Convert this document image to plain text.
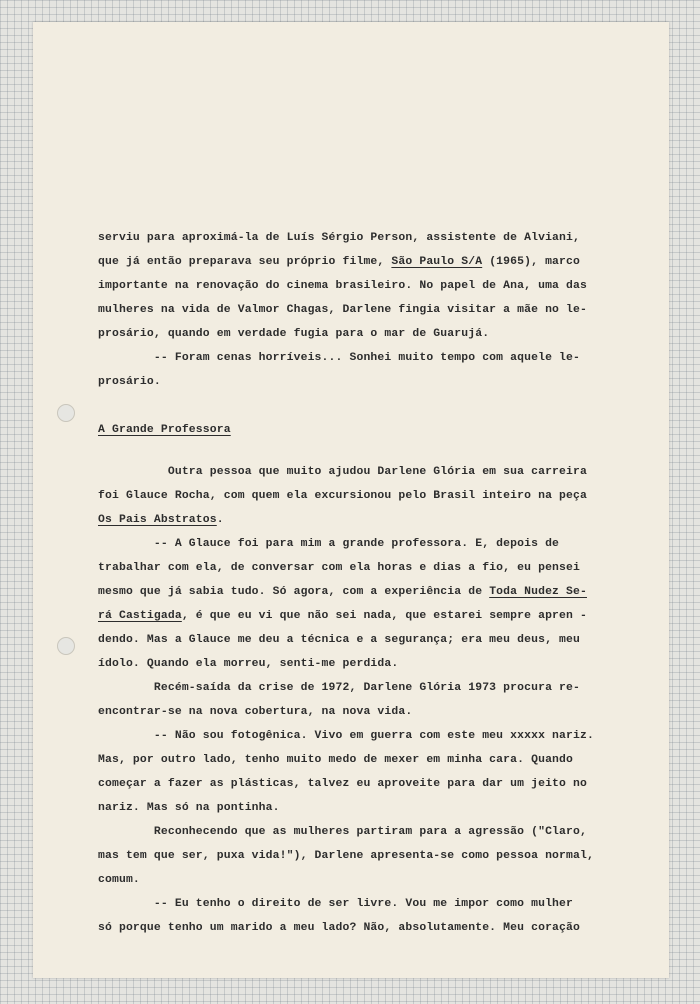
serviu para aproximá-la de Luís Sérgio Person, assistente de Alviani,
que já então preparava seu próprio filme, São Paulo S/A (1965), marco
importante na renovação do cinema brasileiro. No papel de Ana, uma das
mulheres na vida de Valmor Chagas, Darlene fingia visitar a mãe no le-
prosário, quando em verdade fugia para o mar de Guarujá.
-- Foram cenas horríveis... Sonhei muito tempo com aquele le-
prosário.
A Grande Professora
Outra pessoa que muito ajudou Darlene Glória em sua carreira
foi Glauce Rocha, com quem ela excursionou pelo Brasil inteiro na peça
Os Pais Abstratos.
-- A Glauce foi para mim a grande professora. E, depois de
trabalhar com ela, de conversar com ela horas e dias a fio, eu pensei
mesmo que já sabia tudo. Só agora, com a experiência de Toda Nudez Se-
rá Castigada, é que eu vi que não sei nada, que estarei sempre apren -
dendo. Mas a Glauce me deu a técnica e a segurança; era meu deus, meu
ídolo. Quando ela morreu, senti-me perdida.
Recém-saída da crise de 1972, Darlene Glória 1973 procura re-
encontrar-se na nova cobertura, na nova vida.
-- Não sou fotogênica. Vivo em guerra com este meu xxxxx nariz.
Mas, por outro lado, tenho muito medo de mexer em minha cara. Quando
começar a fazer as plásticas, talvez eu aproveite para dar um jeito no
nariz. Mas só na pontinha.
Reconhecendo que as mulheres partiram para a agressão ("Claro,
mas tem que ser, puxa vida!"), Darlene apresenta-se como pessoa normal,
comum.
-- Eu tenho o direito de ser livre. Vou me impor como mulher
só porque tenho um marido a meu lado? Não, absolutamente. Meu coração
